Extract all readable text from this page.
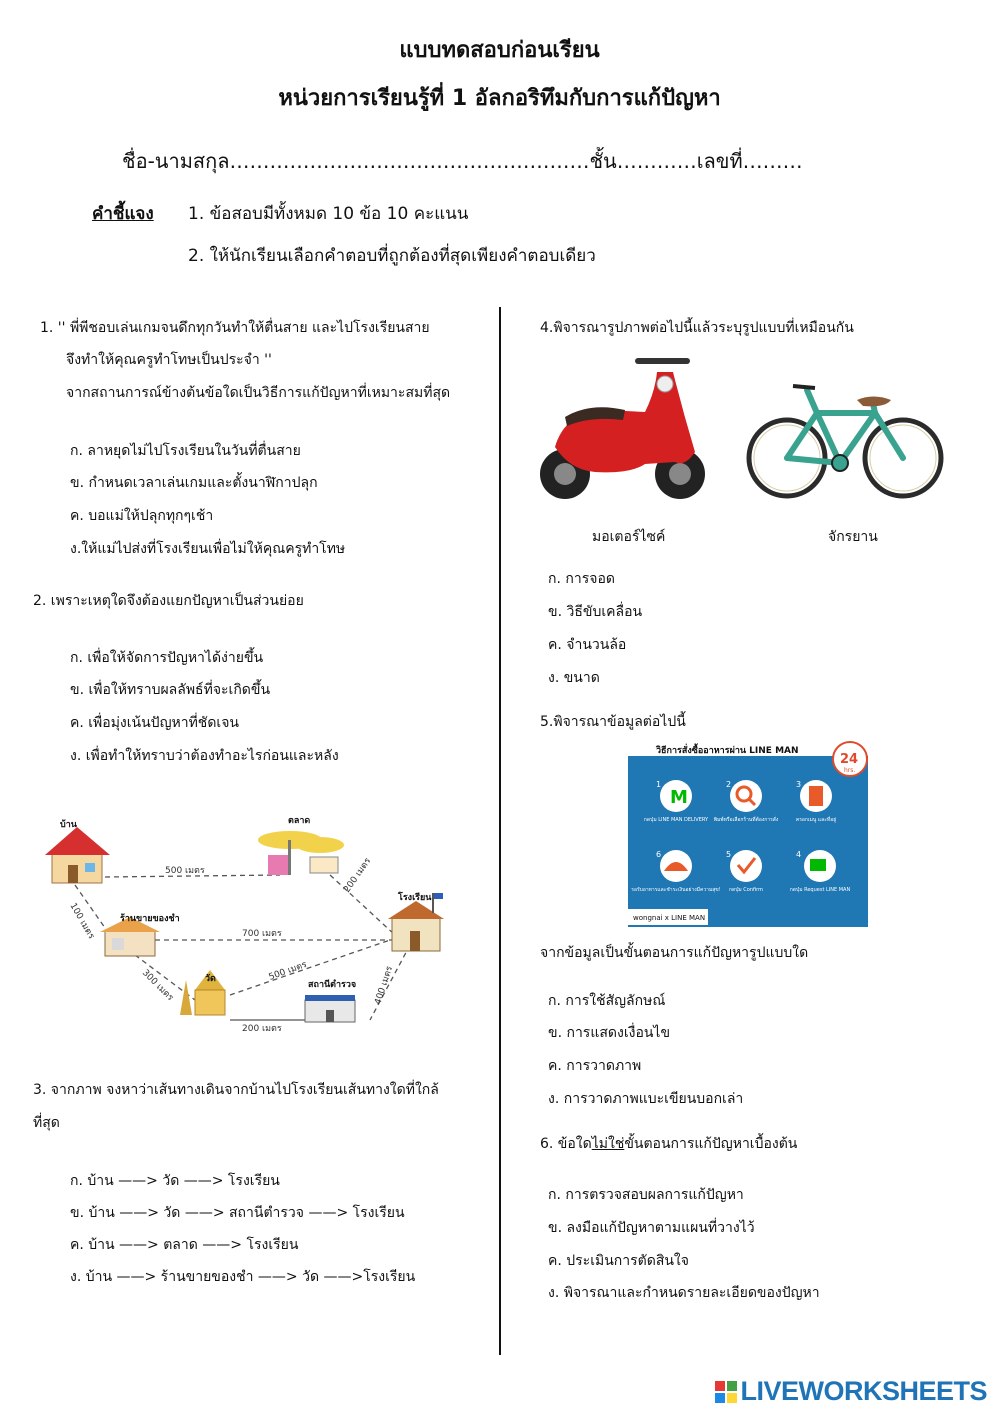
แบบทดสอบก่อนเรียน
หน่วยการเรียนรู้ที่ 1 อัลกอริทึมกับการแก้ปัญหา
ชื่อ-นามสกุล………………………………………………ชั้น…………เลขที่………
คำชี้แจง 1. ข้อสอบมีทั้งหมด 10 ข้อ 10 คะแนน
2. ให้นักเรียนเลือกคำตอบที่ถูกต้องที่สุดเพียงคำตอบเดียว
1. '' พี่พีชอบเล่นเกมจนดึกทุกวันทำให้ตื่นสาย และไปโรงเรียนสาย
จึงทำให้คุณครูทำโทษเป็นประจำ ''
จากสถานการณ์ข้างต้นข้อใดเป็นวิธีการแก้ปัญหาที่เหมาะสมที่สุด
ก. ลาหยุดไม่ไปโรงเรียนในวันที่ตื่นสาย
ข. กำหนดเวลาเล่นเกมและตั้งนาฬิกาปลุก
ค. บอแม่ให้ปลุกทุกๆเช้า
ง.ให้แม่ไปส่งที่โรงเรียนเพื่อไม่ให้คุณครูทำโทษ
2. เพราะเหตุใดจึงต้องแยกปัญหาเป็นส่วนย่อย
ก. เพื่อให้จัดการปัญหาได้ง่ายขึ้น
ข. เพื่อให้ทราบผลลัพธ์ที่จะเกิดขึ้น
ค. เพื่อมุ่งเน้นปัญหาที่ชัดเจน
ง. เพื่อทำให้ทราบว่าต้องทำอะไรก่อนและหลัง
บ้าน	ตลาด
โรงเรียน
ร้านขายของชำ
วัด
สถานีตำรวจ
500 เมตร
100 เมตร
200 เมตร
700 เมตร
300 เมตร	500 เมตร	400 เมตร
200 เมตร
3. จากภาพ จงหาว่าเส้นทางเดินจากบ้านไปโรงเรียนเส้นทางใดที่ใกล้
ที่สุด
ก. บ้าน ——> วัด ——> โรงเรียน
ข. บ้าน ——> วัด ——> สถานีตำรวจ ——> โรงเรียน
ค. บ้าน ——> ตลาด ——> โรงเรียน
ง. บ้าน ——> ร้านขายของชำ ——> วัด ——>โรงเรียน
4.พิจารณารูปภาพต่อไปนี้แล้วระบุรูปแบบที่เหมือนกัน
มอเตอร์ไซค์	จักรยาน
ก. การจอด
ข. วิธีขับเคลื่อน
ค. จำนวนล้อ
ง. ขนาด
5.พิจารณาข้อมูลต่อไปนี้
วิธีการสั่งซื้ออาหารผ่าน LINE MAN
24
hrs.
M
1	2	3
6	5	4
กดปุ่ม LINE MAN DELIVERY พิมพ์หรือเลือกร้านที่ต้องการสั่ง	ครอกเมนู และที่อยู่
กดปุ่ม Request LINE MAN
กดปุ่ม Confirm
รอรับอาหารและชำระเงินอย่างมีความสุข!
wongnai x LINE MAN
จากข้อมูลเป็นขั้นตอนการแก้ปัญหารูปแบบใด
ก. การใช้สัญลักษณ์
ข. การแสดงเงื่อนไข
ค. การวาดภาพ
ง. การวาดภาพแบะเขียนบอกเล่า
6. ข้อใดไม่ใช่ขั้นตอนการแก้ปัญหาเบื้องต้น
ก. การตรวจสอบผลการแก้ปัญหา
ข. ลงมือแก้ปัญหาตามแผนที่วางไว้
ค. ประเมินการตัดสินใจ
ง. พิจารณาและกำหนดรายละเอียดของปัญหา
LIVEWORKSHEETS
